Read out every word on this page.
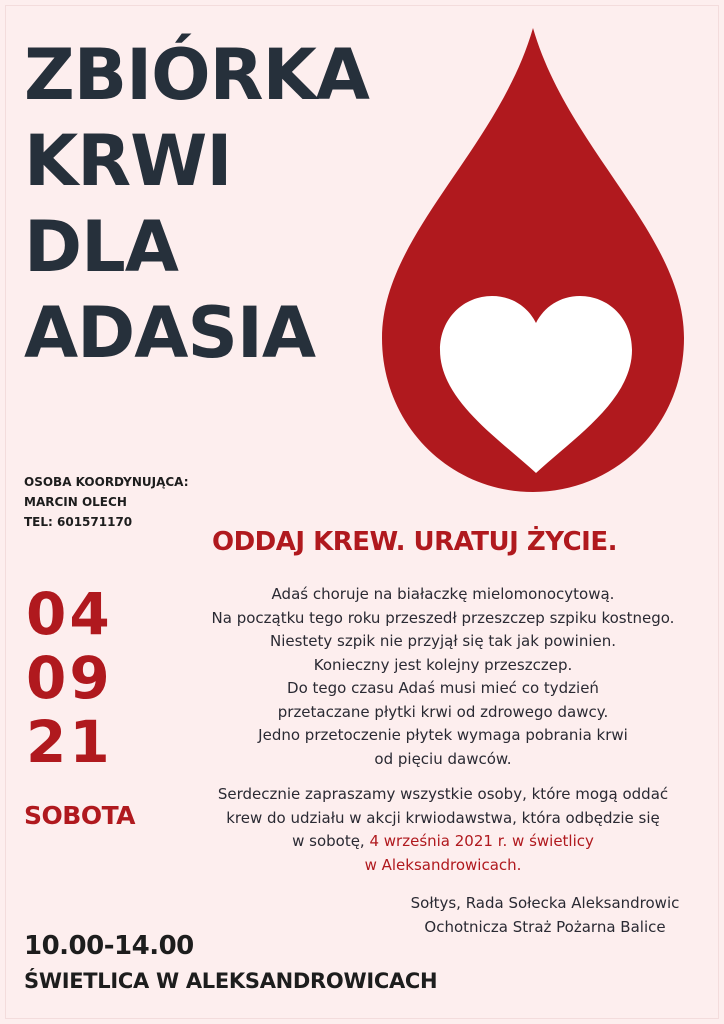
ZBIÓRKA
KRWI
DLA
ADASIA
OSOBA KOORDYNUJĄCA:
MARCIN OLECH
TEL: 601571170
ODDAJ KREW. URATUJ ŻYCIE.
04
09
21
SOBOTA
Adaś choruje na białaczkę mielomonocytową.
Na początku tego roku przeszedł przeszczep szpiku kostnego.
Niestety szpik nie przyjął się tak jak powinien.
Konieczny jest kolejny przeszczep.
Do tego czasu Adaś musi mieć co tydzień
przetaczane płytki krwi od zdrowego dawcy.
Jedno przetoczenie płytek wymaga pobrania krwi
od pięciu dawców.
Serdecznie zapraszamy wszystkie osoby, które mogą oddać
krew do udziału w akcji krwiodawstwa, która odbędzie się
w sobotę, 4 września 2021 r. w świetlicy
w Aleksandrowicach.
Sołtys, Rada Sołecka Aleksandrowic
Ochotnicza Straż Pożarna Balice
10.00-14.00
ŚWIETLICA W ALEKSANDROWICACH
